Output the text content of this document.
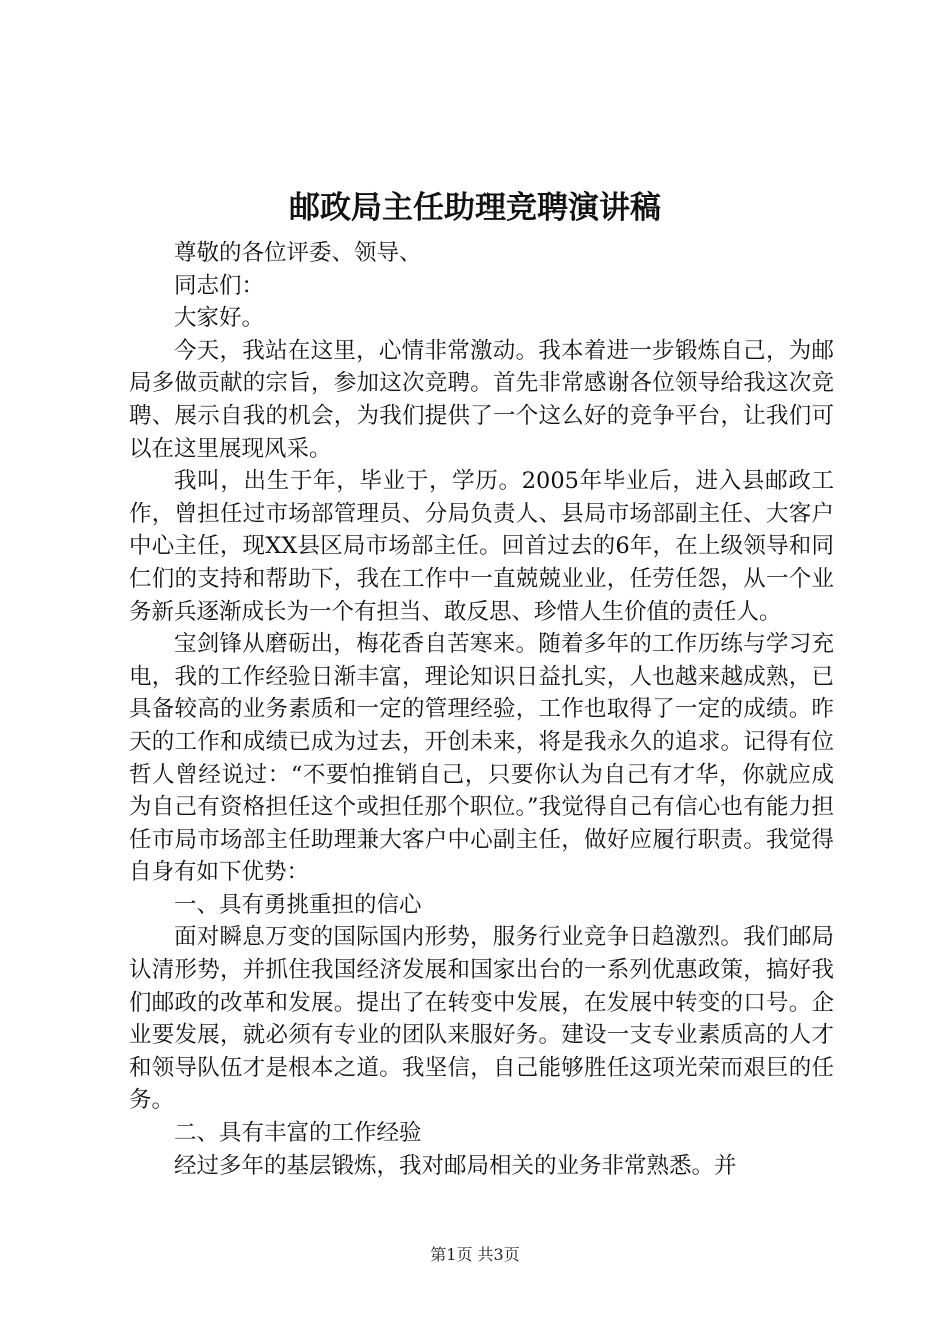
邮政局主任助理竞聘演讲稿

尊敬的各位评委、领导、

同志们：

大家好。

今天，我站在这里，心情非常激动。我本着进一步锻炼自己，为邮局多做贡献的宗旨，参加这次竞聘。首先非常感谢各位领导给我这次竞聘、展示自我的机会，为我们提供了一个这么好的竞争平台，让我们可以在这里展现风采。

我叫，出生于年，毕业于，学历。2005年毕业后，进入县邮政工作，曾担任过市场部管理员、分局负责人、县局市场部副主任、大客户中心主任，现XX县区局市场部主任。回首过去的6年，在上级领导和同仁们的支持和帮助下，我在工作中一直兢兢业业，任劳任怨，从一个业务新兵逐渐成长为一个有担当、敢反思、珍惜人生价值的责任人。

宝剑锋从磨砺出，梅花香自苦寒来。随着多年的工作历练与学习充电，我的工作经验日渐丰富，理论知识日益扎实，人也越来越成熟，已具备较高的业务素质和一定的管理经验，工作也取得了一定的成绩。昨天的工作和成绩已成为过去，开创未来，将是我永久的追求。记得有位哲人曾经说过：“不要怕推销自己，只要你认为自己有才华，你就应成为自己有资格担任这个或担任那个职位。”我觉得自己有信心也有能力担任市局市场部主任助理兼大客户中心副主任，做好应履行职责。我觉得自身有如下优势：

一、具有勇挑重担的信心

面对瞬息万变的国际国内形势，服务行业竞争日趋激烈。我们邮局认清形势，并抓住我国经济发展和国家出台的一系列优惠政策，搞好我们邮政的改革和发展。提出了在转变中发展，在发展中转变的口号。企业要发展，就必须有专业的团队来服好务。建设一支专业素质高的人才和领导队伍才是根本之道。我坚信，自己能够胜任这项光荣而艰巨的任务。

二、具有丰富的工作经验

经过多年的基层锻炼，我对邮局相关的业务非常熟悉。并

第1页 共3页
